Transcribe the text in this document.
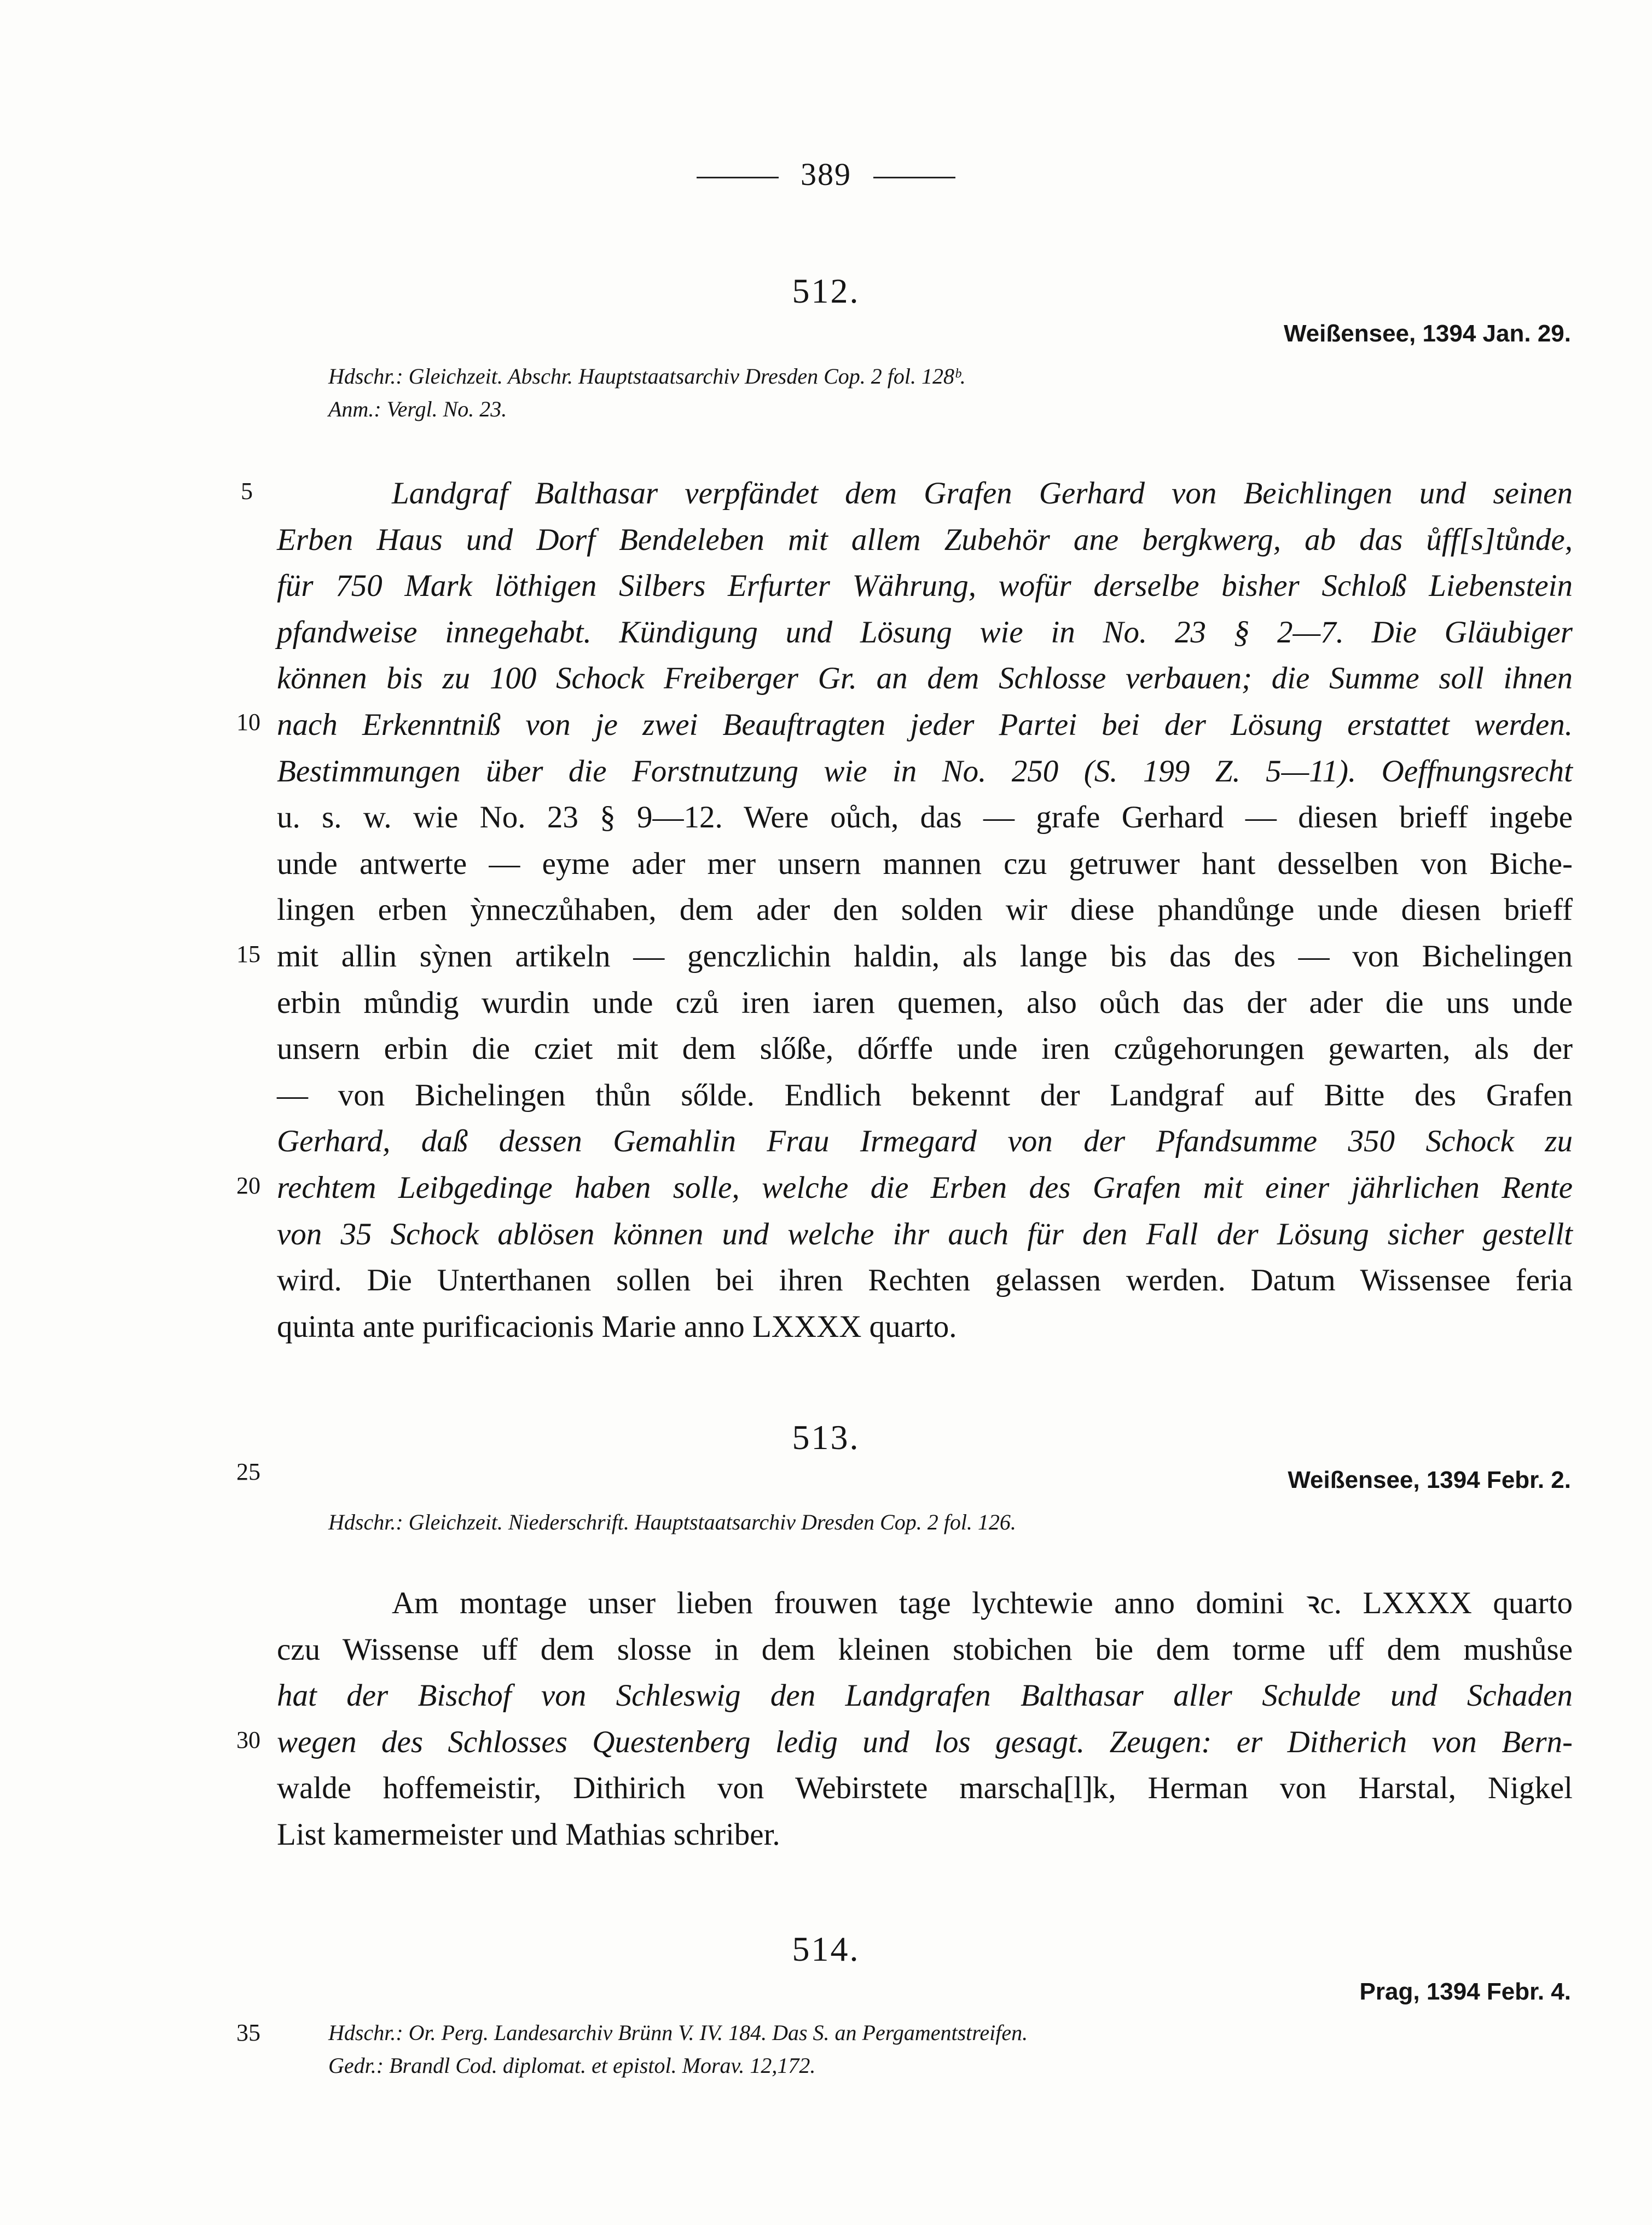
389
512.
Weißensee, 1394 Jan. 29.
Hdschr.: Gleichzeit. Abschr. Hauptstaatsarchiv Dresden Cop. 2 fol. 128ᵇ.
Anm.: Vergl. No. 23.
Landgraf Balthasar verpfändet dem Grafen Gerhard von Beichlingen und seinen
Erben Haus und Dorf Bendeleben mit allem Zubehör ane bergkwerg, ab das ůff[s]tůnde,
für 750 Mark löthigen Silbers Erfurter Währung, wofür derselbe bisher Schloß Liebenstein
pfandweise innegehabt. Kündigung und Lösung wie in No. 23 § 2—7. Die Gläubiger
können bis zu 100 Schock Freiberger Gr. an dem Schlosse verbauen; die Summe soll ihnen
nach Erkenntniß von je zwei Beauftragten jeder Partei bei der Lösung erstattet werden.
Bestimmungen über die Forstnutzung wie in No. 250 (S. 199 Z. 5—11). Oeffnungsrecht
u. s. w. wie No. 23 § 9—12. Were oůch, das — grafe Gerhard — diesen brieff ingebe
unde antwerte — eyme ader mer unsern mannen czu getruwer hant desselben von Biche-
lingen erben ỳnneczůhaben, dem ader den solden wir diese phandůnge unde diesen brieff
mit allin sỳnen artikeln — genczlichin haldin, als lange bis das des — von Bichelingen
erbin můndig wurdin unde czů iren iaren quemen, also oůch das der ader die uns unde
unsern erbin die cziet mit dem slőße, dőrffe unde iren czůgehorungen gewarten, als der
— von Bichelingen thůn sőlde. Endlich bekennt der Landgraf auf Bitte des Grafen
Gerhard, daß dessen Gemahlin Frau Irmegard von der Pfandsumme 350 Schock zu
rechtem Leibgedinge haben solle, welche die Erben des Grafen mit einer jährlichen Rente
von 35 Schock ablösen können und welche ihr auch für den Fall der Lösung sicher gestellt
wird. Die Unterthanen sollen bei ihren Rechten gelassen werden. Datum Wissensee feria
quinta ante purificacionis Marie anno LXXXX quarto.
513.
Weißensee, 1394 Febr. 2.
Hdschr.: Gleichzeit. Niederschrift. Hauptstaatsarchiv Dresden Cop. 2 fol. 126.
Am montage unser lieben frouwen tage lychtewie anno domini ꝛc. LXXXX quarto
czu Wissense uff dem slosse in dem kleinen stobichen bie dem torme uff dem mushůse
hat der Bischof von Schleswig den Landgrafen Balthasar aller Schulde und Schaden
wegen des Schlosses Questenberg ledig und los gesagt. Zeugen: er Ditherich von Bern-
walde hoffemeistir, Dithirich von Webirstete marscha[l]k, Herman von Harstal, Nigkel
List kamermeister und Mathias schriber.
514.
Prag, 1394 Febr. 4.
Hdschr.: Or. Perg. Landesarchiv Brünn V. IV. 184. Das S. an Pergamentstreifen.
Gedr.: Brandl Cod. diplomat. et epistol. Morav. 12,172.
5
10
15
20
25
30
35
